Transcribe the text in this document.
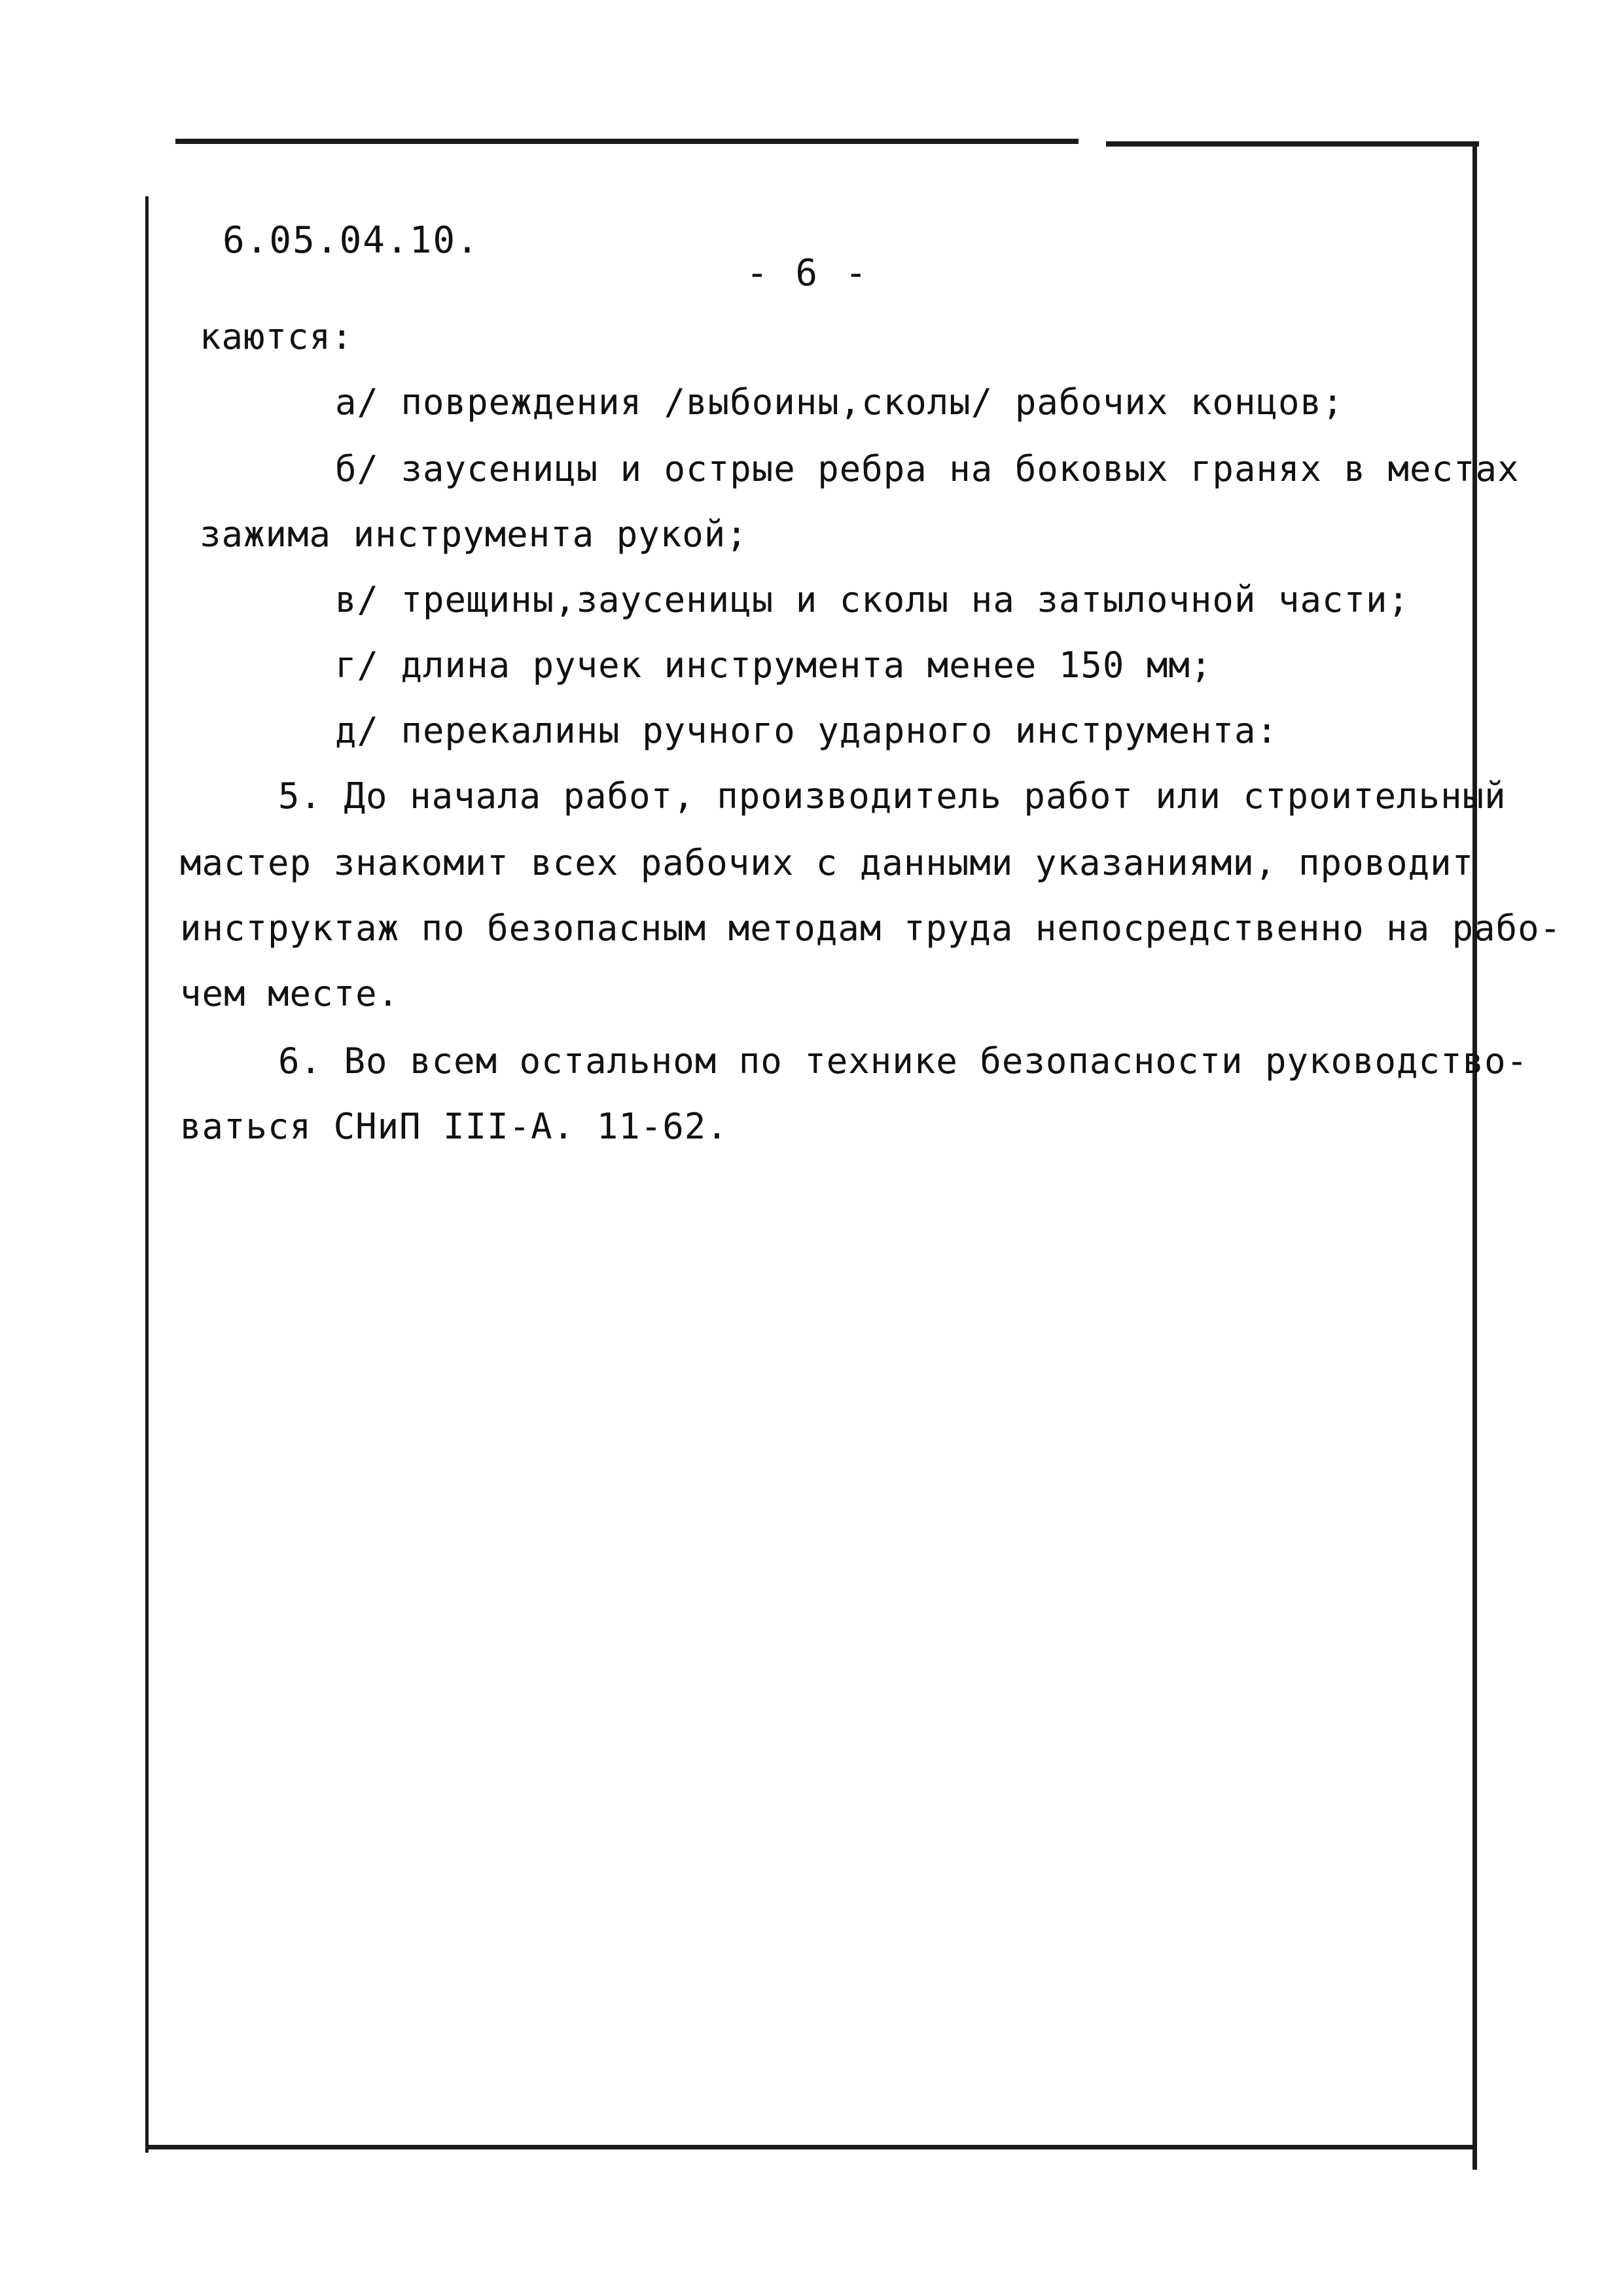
6.05.04.10.
- 6 -
каются:
а/ повреждения /выбоины,сколы/ рабочих концов;
б/ заусеницы и острые ребра на боковых гранях в местах
зажима инструмента рукой;
в/ трещины,заусеницы и сколы на затылочной части;
г/ длина ручек инструмента менее 150 мм;
д/ перекалины ручного ударного инструмента:
5. До начала работ, производитель работ или строительный
мастер знакомит всех рабочих с данными указаниями, проводит
инструктаж по безопасным методам труда непосредственно на рабо-
чем месте.
6. Во всем остальном по технике безопасности руководство-
ваться СНиП III-А. 11-62.
